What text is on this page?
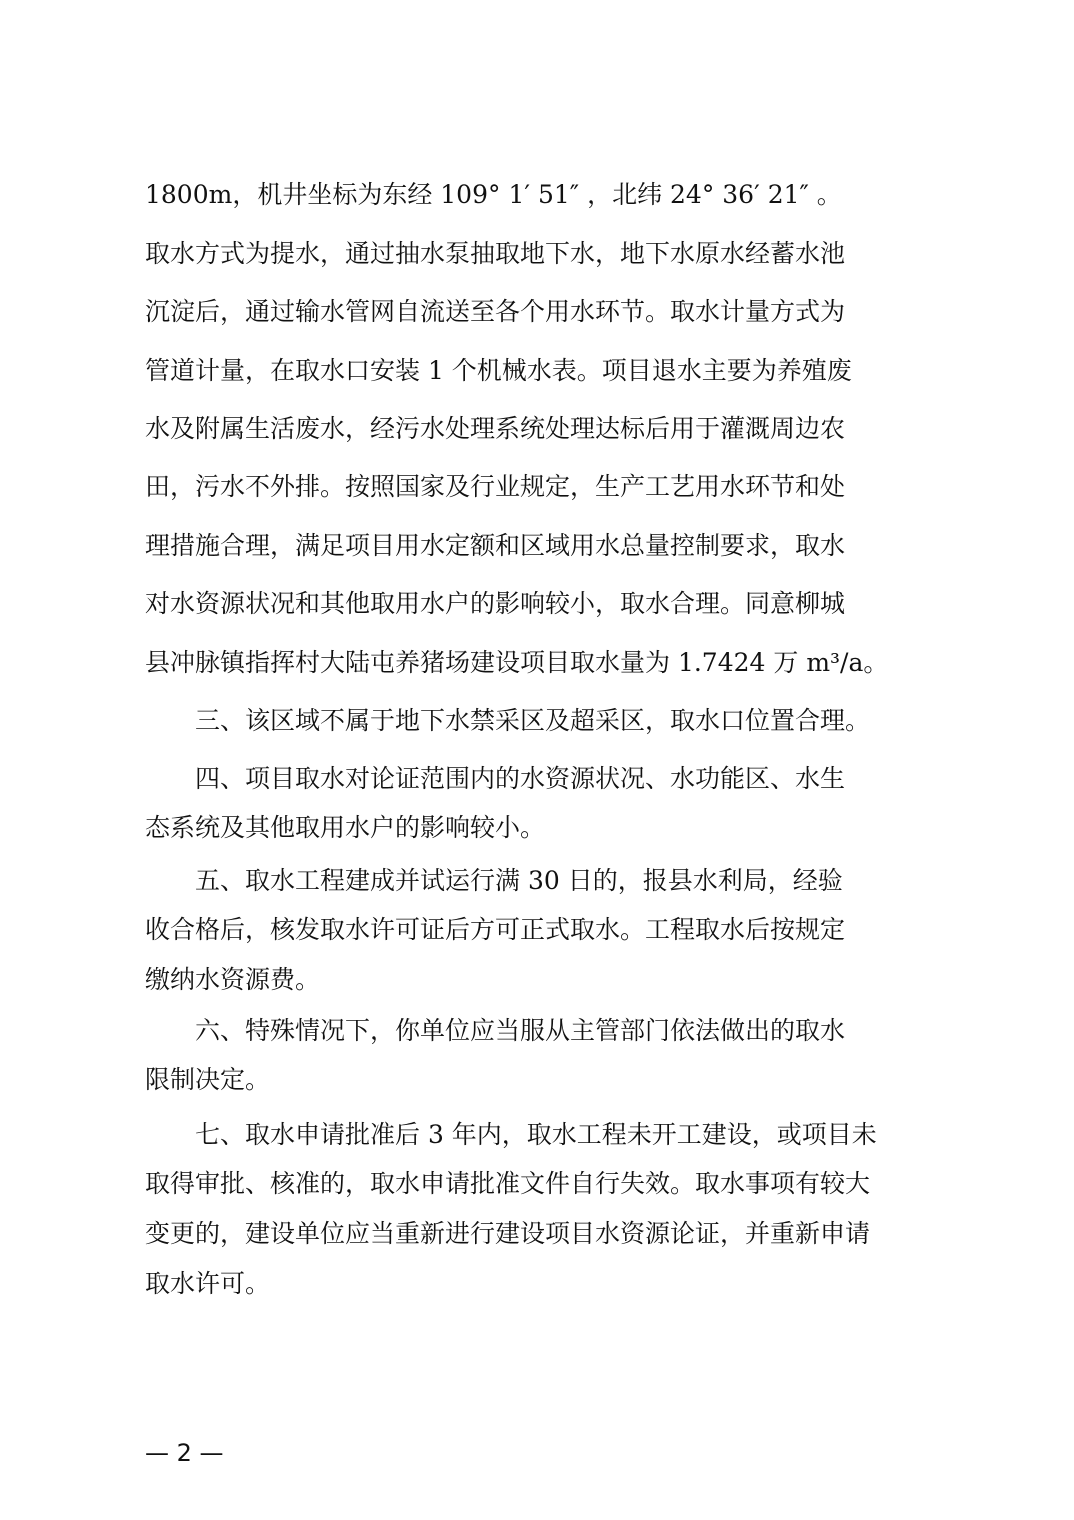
1800m，机井坐标为东经 109° 1′ 51″ ，北纬 24° 36′ 21″ 。
取水方式为提水，通过抽水泵抽取地下水，地下水原水经蓄水池
沉淀后，通过输水管网自流送至各个用水环节。取水计量方式为
管道计量，在取水口安装 1 个机械水表。项目退水主要为养殖废
水及附属生活废水，经污水处理系统处理达标后用于灌溉周边农
田，污水不外排。按照国家及行业规定，生产工艺用水环节和处
理措施合理，满足项目用水定额和区域用水总量控制要求，取水
对水资源状况和其他取用水户的影响较小，取水合理。同意柳城
县冲脉镇指挥村大陆屯养猪场建设项目取水量为 1.7424 万 m³/a。
　　三、该区域不属于地下水禁采区及超采区，取水口位置合理。
　　四、项目取水对论证范围内的水资源状况、水功能区、水生
态系统及其他取用水户的影响较小。
　　五、取水工程建成并试运行满 30 日的，报县水利局，经验
收合格后，核发取水许可证后方可正式取水。工程取水后按规定
缴纳水资源费。
　　六、特殊情况下，你单位应当服从主管部门依法做出的取水
限制决定。
　　七、取水申请批准后 3 年内，取水工程未开工建设，或项目未
取得审批、核准的，取水申请批准文件自行失效。取水事项有较大
变更的，建设单位应当重新进行建设项目水资源论证，并重新申请
取水许可。
— 2 —
